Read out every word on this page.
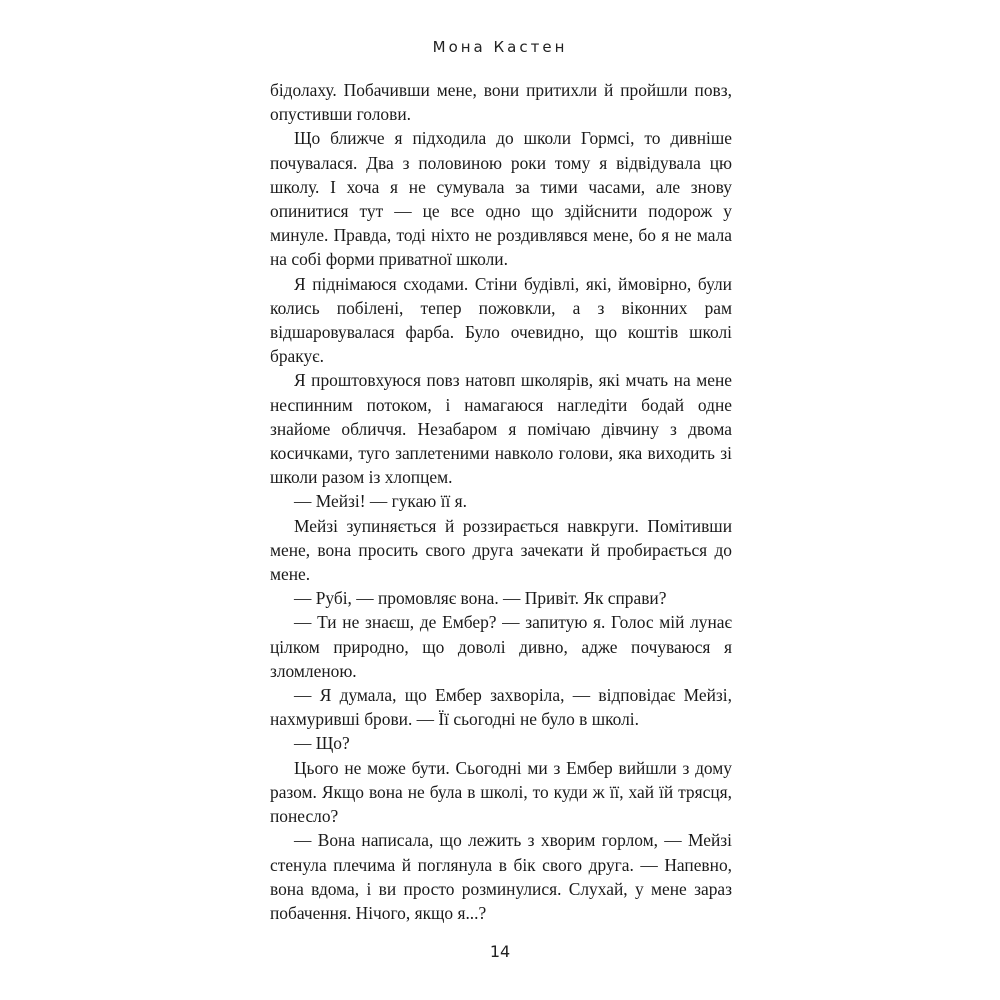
Мона Кастен

бідолаху. Побачивши мене, вони притихли й пройшли повз, опустивши голови.

Що ближче я підходила до школи Гормсі, то дивніше почувалася. Два з половиною роки тому я відвідувала цю школу. І хоча я не сумувала за тими часами, але знову опинитися тут — це все одно що здійснити подорож у минуле. Правда, тоді ніхто не роздивлявся мене, бо я не мала на собі форми приватної школи.

Я піднімаюся сходами. Стіни будівлі, які, ймовірно, були колись побілені, тепер пожовкли, а з віконних рам відшаровувалася фарба. Було очевидно, що коштів школі бракує.

Я проштовхуюся повз натовп школярів, які мчать на мене неспинним потоком, і намагаюся нагледіти бодай одне знайоме обличчя. Незабаром я помічаю дівчину з двома косичками, туго заплетеними навколо голови, яка виходить зі школи разом із хлопцем.

— Мейзі! — гукаю її я.

Мейзі зупиняється й роззирається навкруги. Помітивши мене, вона просить свого друга зачекати й пробирається до мене.

— Рубі, — промовляє вона. — Привіт. Як справи?

— Ти не знаєш, де Ембер? — запитую я. Голос мій лунає цілком природно, що доволі дивно, адже почуваюся я зломленою.

— Я думала, що Ембер захворіла, — відповідає Мейзі, нахмурившi брови. — Її сьогодні не було в школі.

— Що?

Цього не може бути. Сьогодні ми з Ембер вийшли з дому разом. Якщо вона не була в школі, то куди ж її, хай їй трясця, понесло?

— Вона написала, що лежить з хворим горлом, — Мейзі стенула плечима й поглянула в бік свого друга. — Напевно, вона вдома, і ви просто розминулися. Слухай, у мене зараз побачення. Нічого, якщо я...?

14
